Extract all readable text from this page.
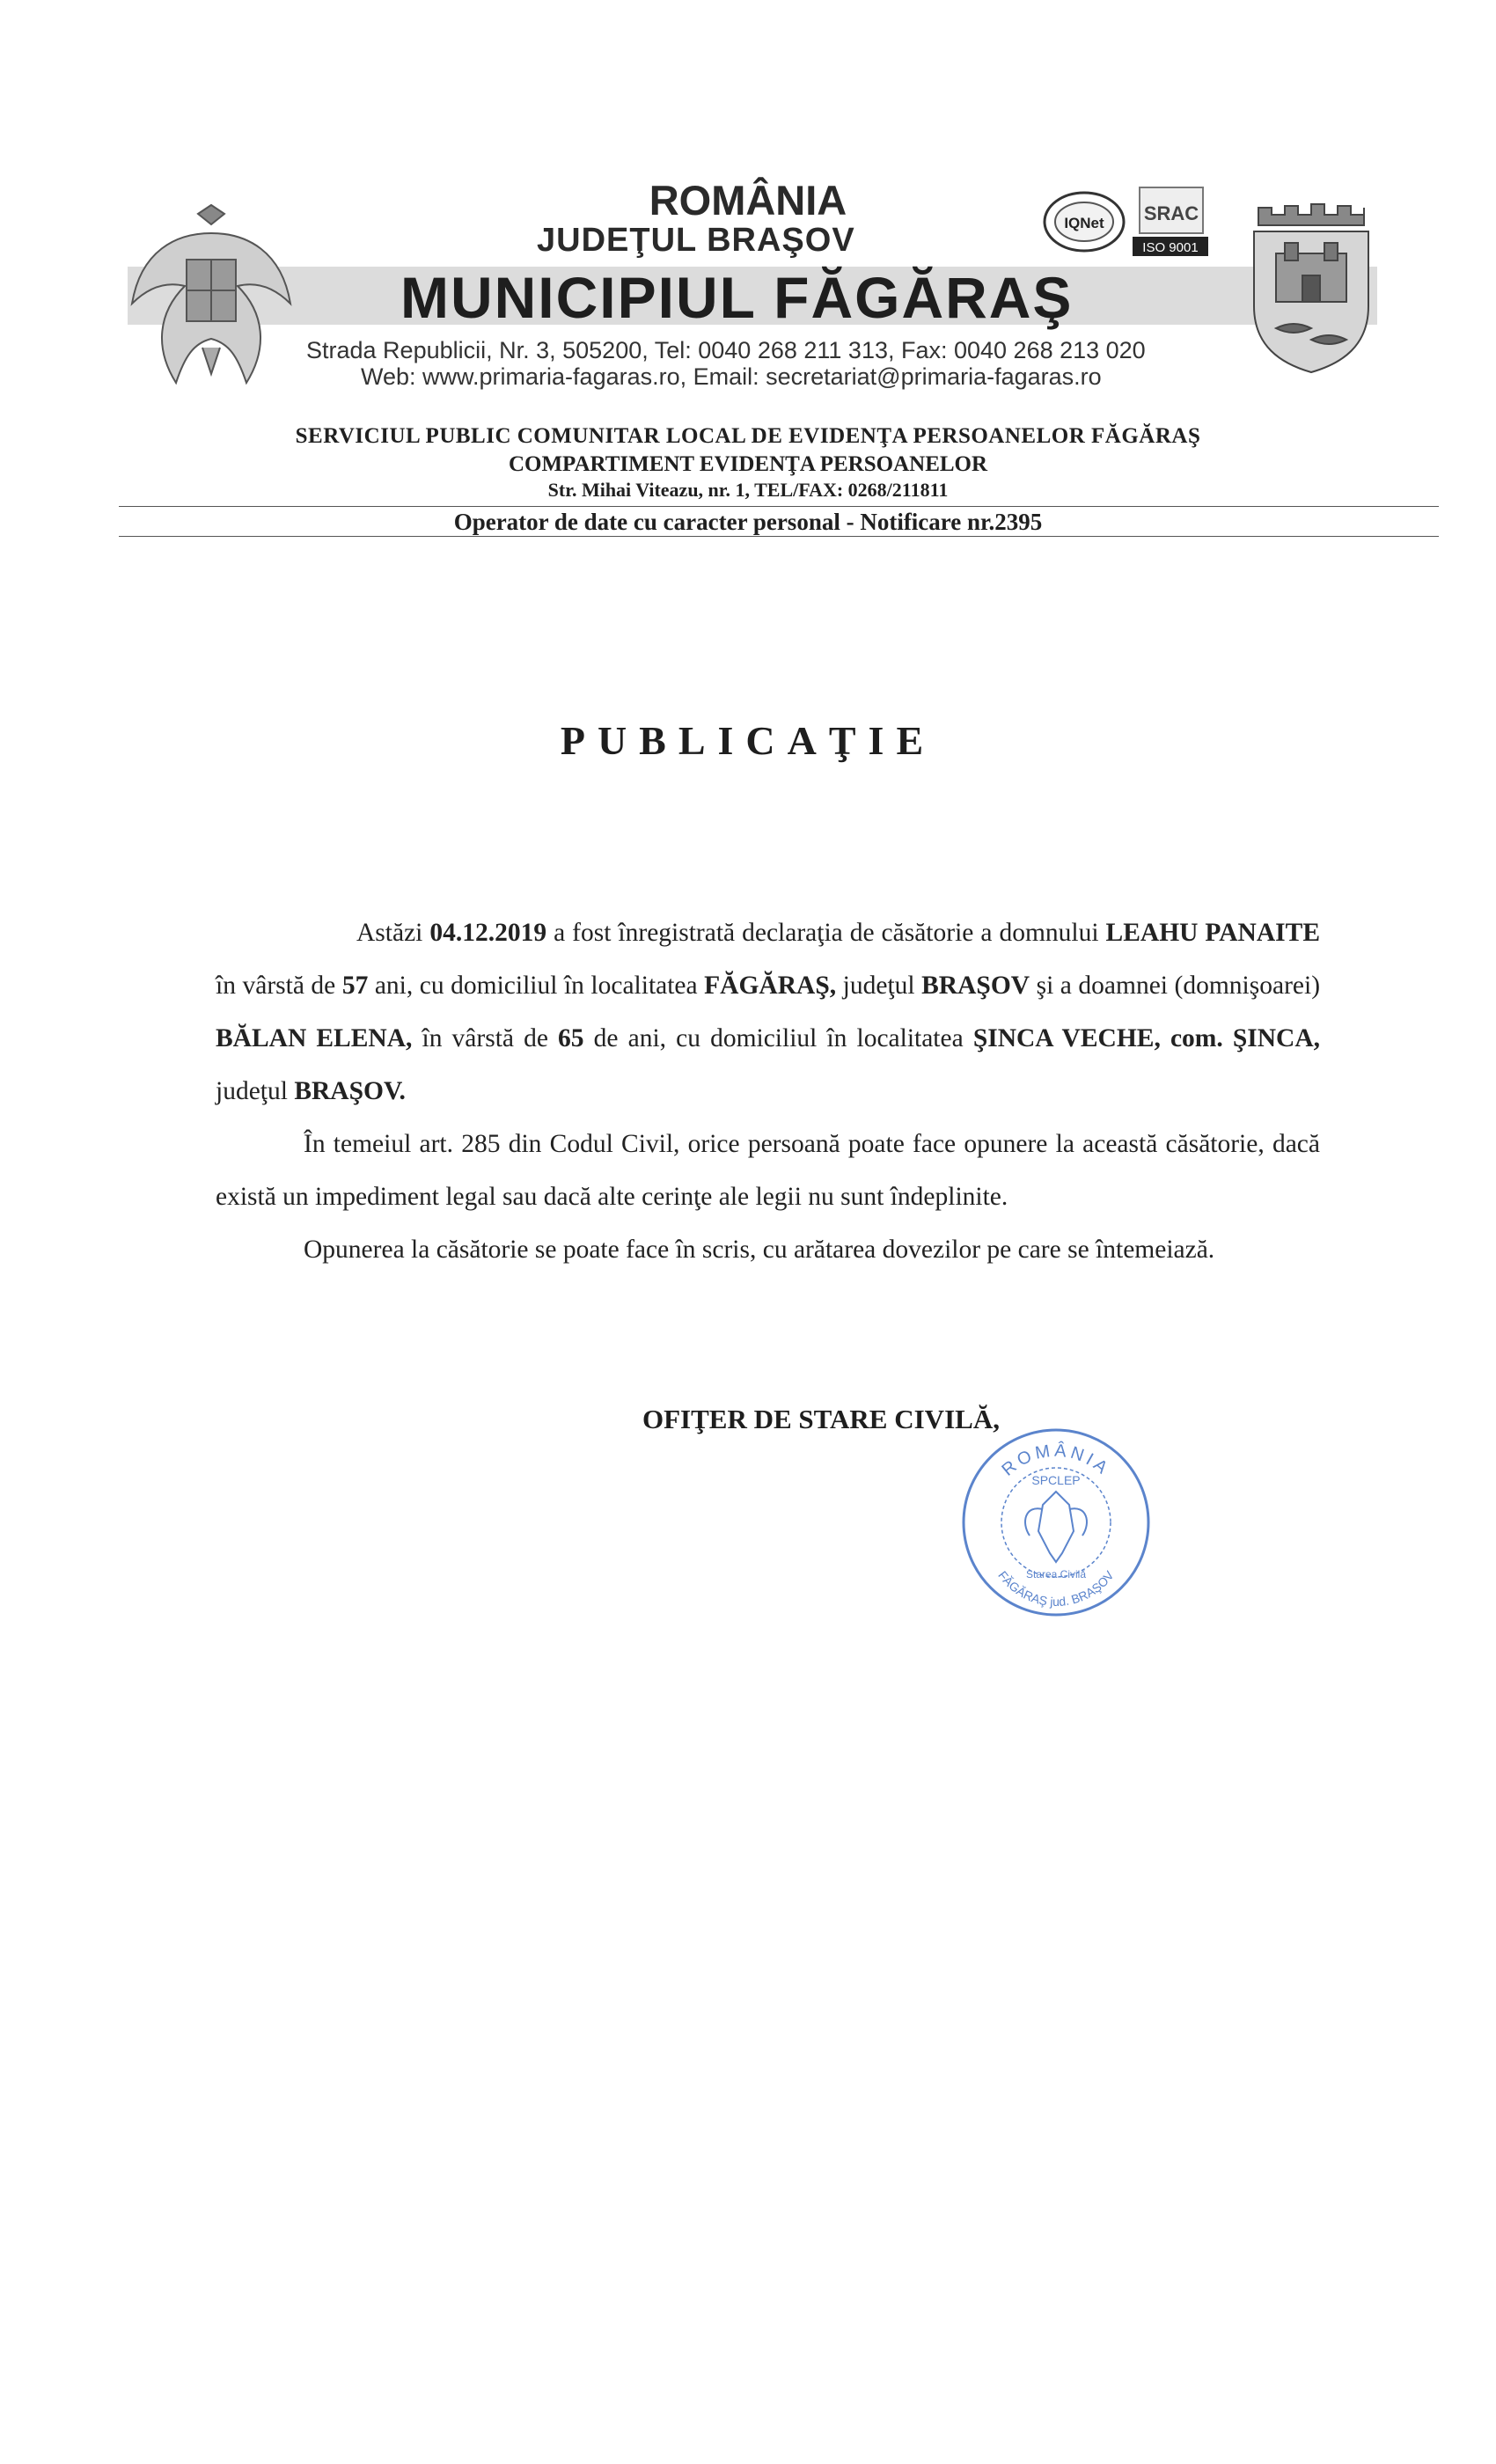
ROMÂNIA
JUDEŢUL BRAŞOV
MUNICIPIUL FĂGĂRAŞ
Strada Republicii, Nr. 3, 505200, Tel: 0040 268 211 313, Fax: 0040 268 213 020
Web: www.primaria-fagaras.ro, Email: secretariat@primaria-fagaras.ro
IQNet SRAC
ISO 9001
SERVICIUL PUBLIC COMUNITAR LOCAL DE EVIDENŢA PERSOANELOR FĂGĂRAŞ
COMPARTIMENT EVIDENŢA PERSOANELOR
Str. Mihai Viteazu, nr. 1, TEL/FAX: 0268/211811
Operator de date cu caracter personal - Notificare nr.2395
PUBLICAŢIE

Astăzi 04.12.2019 a fost înregistrată declaraţia de căsătorie a domnului LEAHU PANAITE în vârstă de 57 ani, cu domiciliul în localitatea FĂGĂRAŞ, judeţul BRAŞOV şi a doamnei (domnişoarei) BĂLAN ELENA, în vârstă de 65 de ani, cu domiciliul în localitatea ŞINCA VECHE, com. ŞINCA, judeţul BRAŞOV.

În temeiul art. 285 din Codul Civil, orice persoană poate face opunere la această căsătorie, dacă există un impediment legal sau dacă alte cerinţe ale legii nu sunt îndeplinite.

Opunerea la căsătorie se poate face în scris, cu arătarea dovezilor pe care se întemeiază.

OFIŢER DE STARE CIVILĂ,
ROMÂNIA
SPCLEP
Starea Civilă
FĂGĂRAŞ jud. BRAŞOV
